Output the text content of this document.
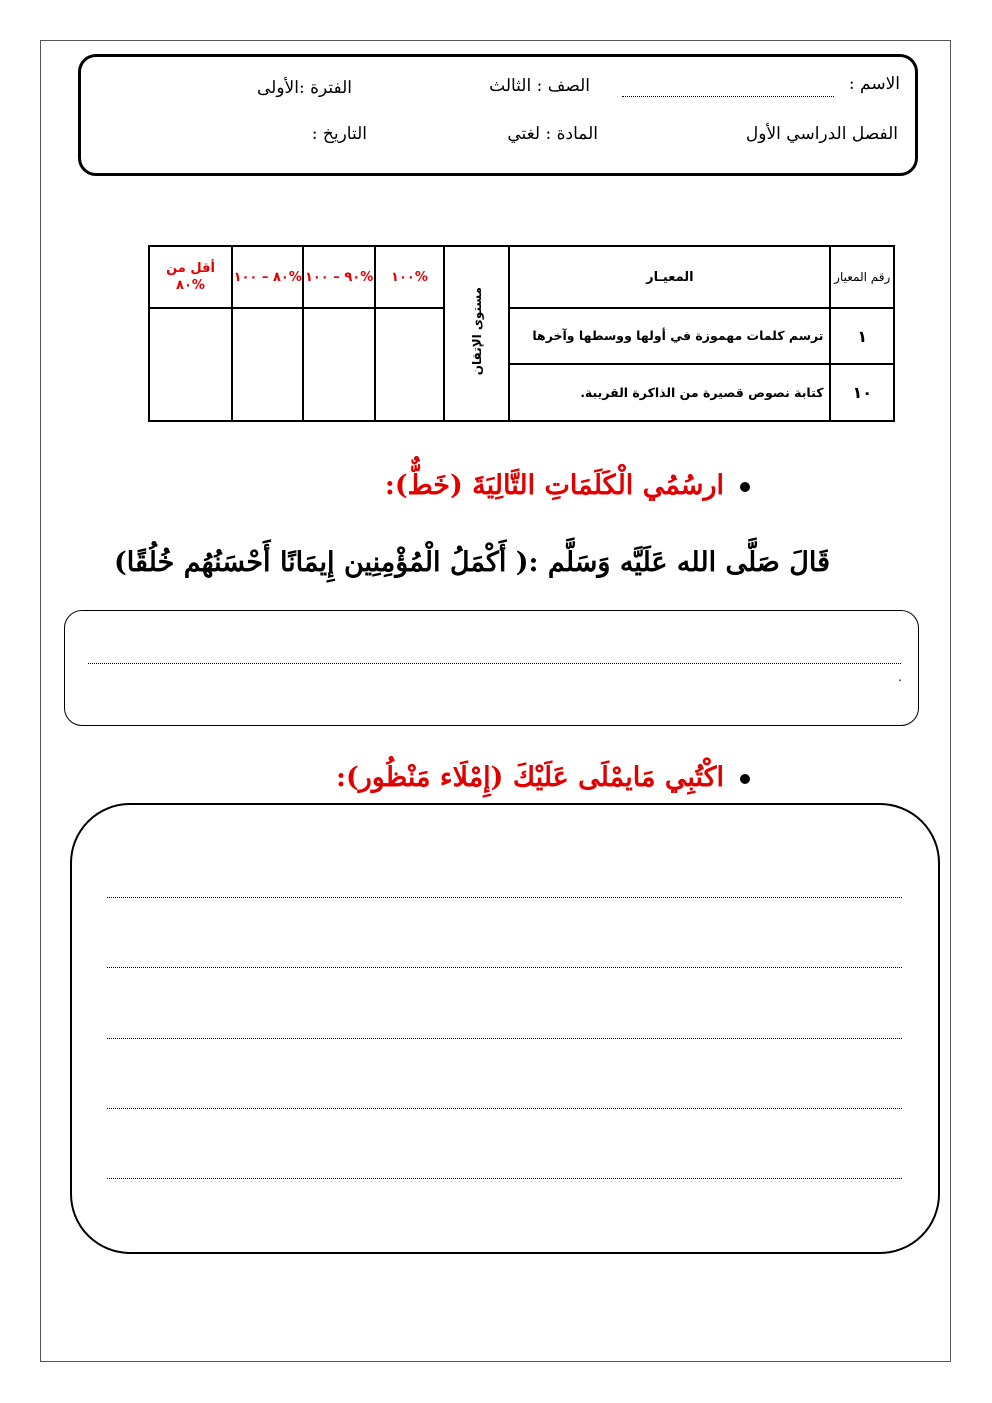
الاسم :
الصف : الثالث
الفترة :الأولى
الفصل الدراسي الأول
المادة : لغتي
التاريخ :
أقل من ٨٠%	٨٠ – ١٠٠%	٩٠ – ١٠٠%	١٠٠%	مستوى الإتقان	المعيـار	رقم المعيار

					ترسم كلمات مهموزة في أولها ووسطها وآخرها	١

					كتابة نصوص قصيرة من الذاكرة القريبة.	١٠
ارسُمُي الْكَلَمَاتِ التَّالِيَةَ (خَطٌّ):
قَالَ صَلَّى الله عَلَيَّه وَسَلَّم :( أَكْمَلُ الْمُؤْمِنِين إِيمَانًا أَحْسَنُهُم خُلُقًا)
.
اكْتُبِي مَايمْلَى عَلَيْكَ (إِمْلَاء مَنْظُور):
